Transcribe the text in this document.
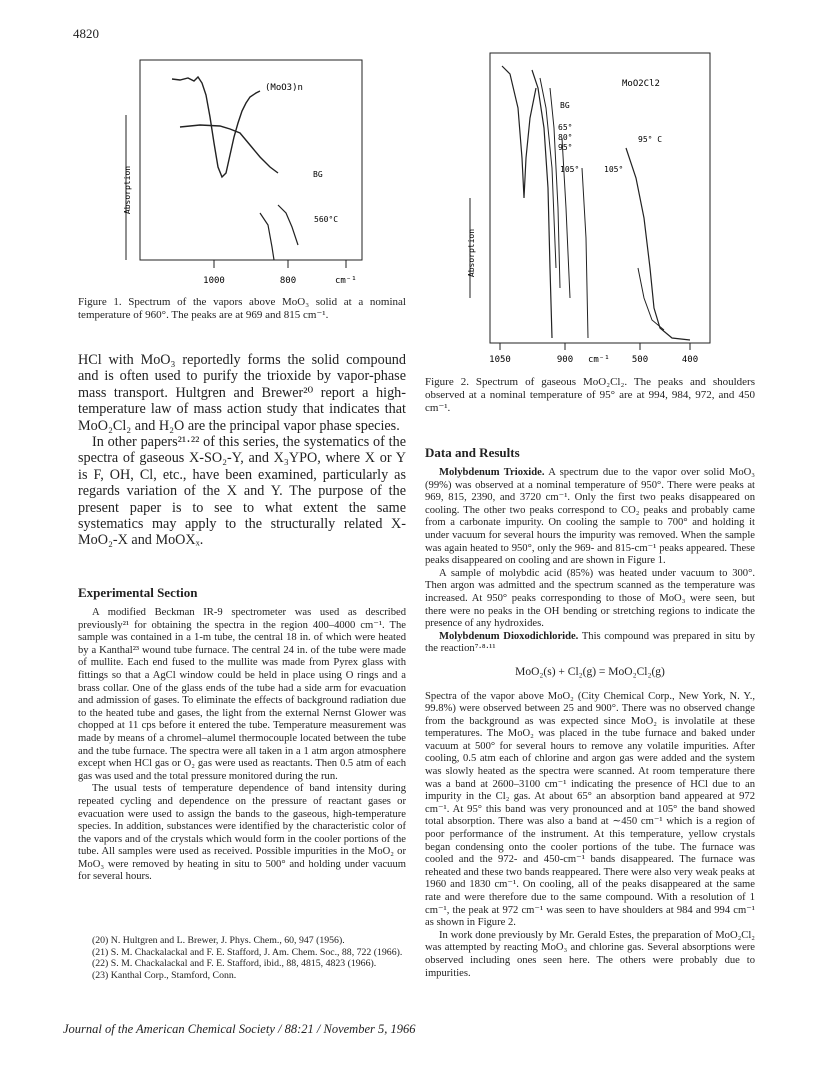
4820
(MoO3)n
BG
560°C
Absorption
1000	800	cm⁻¹
Figure 1. Spectrum of the vapors above MoO₃ solid at a nominal temperature of 960°. The peaks are at 969 and 815 cm⁻¹.

HCl with MoO₃ reportedly forms the solid compound and is often used to purify the trioxide by vapor-phase mass transport. Hultgren and Brewer²⁰ report a high-temperature law of mass action study that indicates that MoO₂Cl₂ and H₂O are the principal vapor phase species.

In other papers²¹·²² of this series, the systematics of the spectra of gaseous X-SO₂-Y, and X₃YPO, where X or Y is F, OH, Cl, etc., have been examined, particularly as regards variation of the X and Y. The purpose of the present paper is to see to what extent the same systematics may apply to the structurally related X-MoO₂-X and MoOXₓ.

Experimental Section

A modified Beckman IR-9 spectrometer was used as described previously²¹ for obtaining the spectra in the region 400–4000 cm⁻¹. The sample was contained in a 1-m tube, the central 18 in. of which were heated by a Kanthal²³ wound tube furnace. The central 24 in. of the tube were made of mullite. Each end fused to the mullite was made from Pyrex glass with fittings so that a AgCl window could be held in place using O rings and a brass collar. One of the glass ends of the tube had a side arm for evacuation and admission of gases. To eliminate the effects of background radiation due to the heated tube and gases, the light from the external Nernst Glower was chopped at 11 cps before it entered the tube. Temperature measurement was made by means of a chromel–alumel thermocouple located between the tube and the tube furnace. The spectra were all taken in a 1 atm argon atmosphere except when HCl gas or O₂ gas were used as reactants. Then 0.5 atm of each gas was used and the total pressure monitored during the run.

The usual tests of temperature dependence of band intensity during repeated cycling and dependence on the pressure of reactant gases or evacuation were used to assign the bands to the gaseous, high-temperature species. In addition, substances were identified by the characteristic color of the vapors and of the crystals which would form in the cooler portions of the tube. All samples were used as received. Possible impurities in the MoO₂ or MoO₃ were removed by heating in situ to 500° and holding under vacuum for several hours.

(20) N. Hultgren and L. Brewer, J. Phys. Chem., 60, 947 (1956).
(21) S. M. Chackalackal and F. E. Stafford, J. Am. Chem. Soc., 88, 722 (1966).
(22) S. M. Chackalackal and F. E. Stafford, ibid., 88, 4815, 4823 (1966).
(23) Kanthal Corp., Stamford, Conn.
MoO2Cl2
BG
65°
80°
95°
105°	105°
95° C
Absorption
1050	900 cm⁻¹ 500	400
Figure 2. Spectrum of gaseous MoO₂Cl₂. The peaks and shoulders observed at a nominal temperature of 95° are at 994, 984, 972, and 450 cm⁻¹.
Data and Results

Molybdenum Trioxide. A spectrum due to the vapor over solid MoO₃ (99%) was observed at a nominal temperature of 950°. There were peaks at 969, 815, 2390, and 3720 cm⁻¹. Only the first two peaks disappeared on cooling. The other two peaks correspond to CO₂ peaks and probably came from a carbonate impurity. On cooling the sample to 700° and holding it under vacuum for several hours the impurity was removed. When the sample was again heated to 950°, only the 969- and 815-cm⁻¹ peaks appeared. These peaks disappeared on cooling and are shown in Figure 1.

A sample of molybdic acid (85%) was heated under vacuum to 300°. Then argon was admitted and the spectrum scanned as the temperature was increased. At 950° peaks corresponding to those of MoO₃ were seen, but there were no peaks in the OH bending or stretching regions to indicate the presence of any hydroxides.

Molybdenum Dioxodichloride. This compound was prepared in situ by the reaction⁷·⁸·¹¹

MoO₂(s) + Cl₂(g) = MoO₂Cl₂(g)

Spectra of the vapor above MoO₂ (City Chemical Corp., New York, N. Y., 99.8%) were observed between 25 and 900°. There was no observed change from the background as was expected since MoO₂ is involatile at these temperatures. The MoO₂ was placed in the tube furnace and baked under vacuum at 500° for several hours to remove any volatile impurities. After cooling, 0.5 atm each of chlorine and argon gas were added and the system was slowly heated as the spectra were scanned. At room temperature there was a band at 2600–3100 cm⁻¹ indicating the presence of HCl due to an impurity in the Cl₂ gas. At about 65° an absorption band appeared at 972 cm⁻¹. At 95° this band was very pronounced and at 105° the band showed total absorption. There was also a band at ∼450 cm⁻¹ which is a region of poor performance of the instrument. At this temperature, yellow crystals began condensing onto the cooler portions of the tube. The furnace was cooled and the 972- and 450-cm⁻¹ bands disappeared. The furnace was reheated and these two bands reappeared. There were also very weak peaks at 1960 and 1830 cm⁻¹. On cooling, all of the peaks disappeared at the same rate and were therefore due to the same compound. With a resolution of 1 cm⁻¹, the peak at 972 cm⁻¹ was seen to have shoulders at 984 and 994 cm⁻¹ as shown in Figure 2.

In work done previously by Mr. Gerald Estes, the preparation of MoO₂Cl₂ was attempted by reacting MoO₃ and chlorine gas. Several absorptions were observed including ones seen here. The others were probably due to impurities.

Journal of the American Chemical Society / 88:21 / November 5, 1966
